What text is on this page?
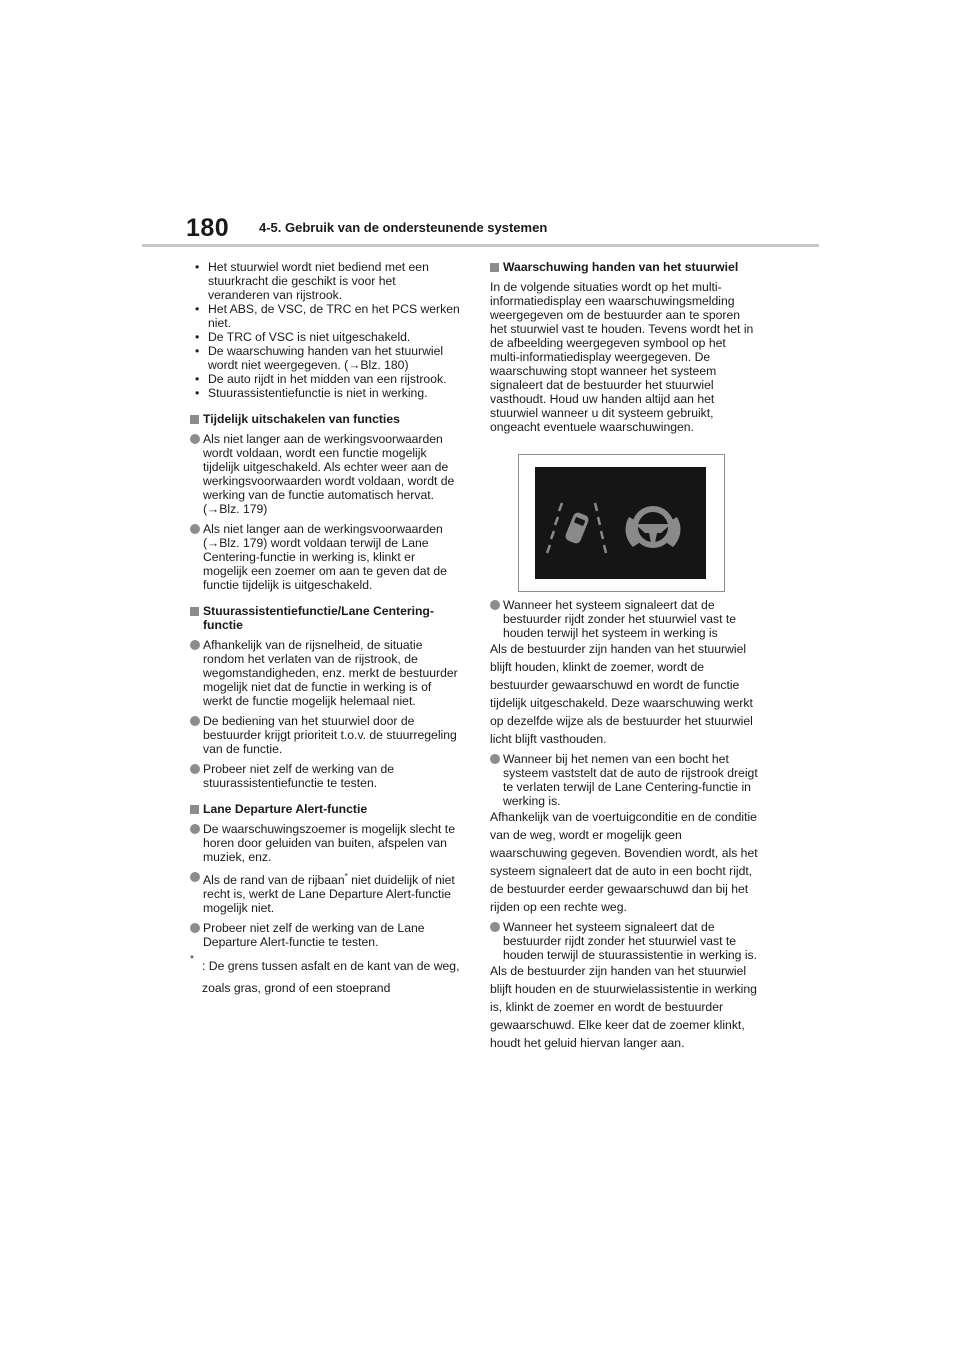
180 4-5. Gebruik van de ondersteunende systemen

• Het stuurwiel wordt niet bediend met een stuurkracht die geschikt is voor het veranderen van rijstrook.

• Het ABS, de VSC, de TRC en het PCS werken niet.

• De TRC of VSC is niet uitgeschakeld.

• De waarschuwing handen van het stuurwiel wordt niet weergegeven. (→Blz. 180)

• De auto rijdt in het midden van een rijstrook.

• Stuurassistentiefunctie is niet in werking.

Tijdelijk uitschakelen van functies
Als niet langer aan de werkingsvoorwaarden wordt voldaan, wordt een functie mogelijk tijdelijk uitgeschakeld. Als echter weer aan de werkingsvoorwaarden wordt voldaan, wordt de werking van de functie automatisch hervat. (→Blz. 179)
Als niet langer aan de werkingsvoorwaarden (→Blz. 179) wordt voldaan terwijl de Lane Centering-functie in werking is, klinkt er mogelijk een zoemer om aan te geven dat de functie tijdelijk is uitgeschakeld.
Stuurassistentiefunctie/Lane Centering-functie
Afhankelijk van de rijsnelheid, de situatie rondom het verlaten van de rijstrook, de wegomstandigheden, enz. merkt de bestuurder mogelijk niet dat de functie in werking is of werkt de functie mogelijk helemaal niet.
De bediening van het stuurwiel door de bestuurder krijgt prioriteit t.o.v. de stuurregeling van de functie.
Probeer niet zelf de werking van de stuurassistentiefunctie te testen.
Lane Departure Alert-functie
De waarschuwingszoemer is mogelijk slecht te horen door geluiden van buiten, afspelen van muziek, enz.
Als de rand van de rijbaan* niet duidelijk of niet recht is, werkt de Lane Departure Alert-functie mogelijk niet.
Probeer niet zelf de werking van de Lane Departure Alert-functie te testen.
* : De grens tussen asfalt en de kant van de weg, zoals gras, grond of een stoeprand
Waarschuwing handen van het stuurwiel

In de volgende situaties wordt op het multi-informatiedisplay een waarschuwingsmelding weergegeven om de bestuurder aan te sporen het stuurwiel vast te houden. Tevens wordt het in de afbeelding weergegeven symbool op het multi-informatiedisplay weergegeven. De waarschuwing stopt wanneer het systeem signaleert dat de bestuurder het stuurwiel vasthoudt. Houd uw handen altijd aan het stuurwiel wanneer u dit systeem gebruikt, ongeacht eventuele waarschuwingen.

Wanneer het systeem signaleert dat de bestuurder rijdt zonder het stuurwiel vast te houden terwijl het systeem in werking is

Als de bestuurder zijn handen van het stuurwiel blijft houden, klinkt de zoemer, wordt de bestuurder gewaarschuwd en wordt de functie tijdelijk uitgeschakeld. Deze waarschuwing werkt op dezelfde wijze als de bestuurder het stuurwiel licht blijft vasthouden.

Wanneer bij het nemen van een bocht het systeem vaststelt dat de auto de rijstrook dreigt te verlaten terwijl de Lane Centering-functie in werking is.

Afhankelijk van de voertuigconditie en de conditie van de weg, wordt er mogelijk geen waarschuwing gegeven. Bovendien wordt, als het systeem signaleert dat de auto in een bocht rijdt, de bestuurder eerder gewaarschuwd dan bij het rijden op een rechte weg.

Wanneer het systeem signaleert dat de bestuurder rijdt zonder het stuurwiel vast te houden terwijl de stuurassistentie in werking is.

Als de bestuurder zijn handen van het stuurwiel blijft houden en de stuurwielassistentie in werking is, klinkt de zoemer en wordt de bestuurder gewaarschuwd. Elke keer dat de zoemer klinkt, houdt het geluid hiervan langer aan.
